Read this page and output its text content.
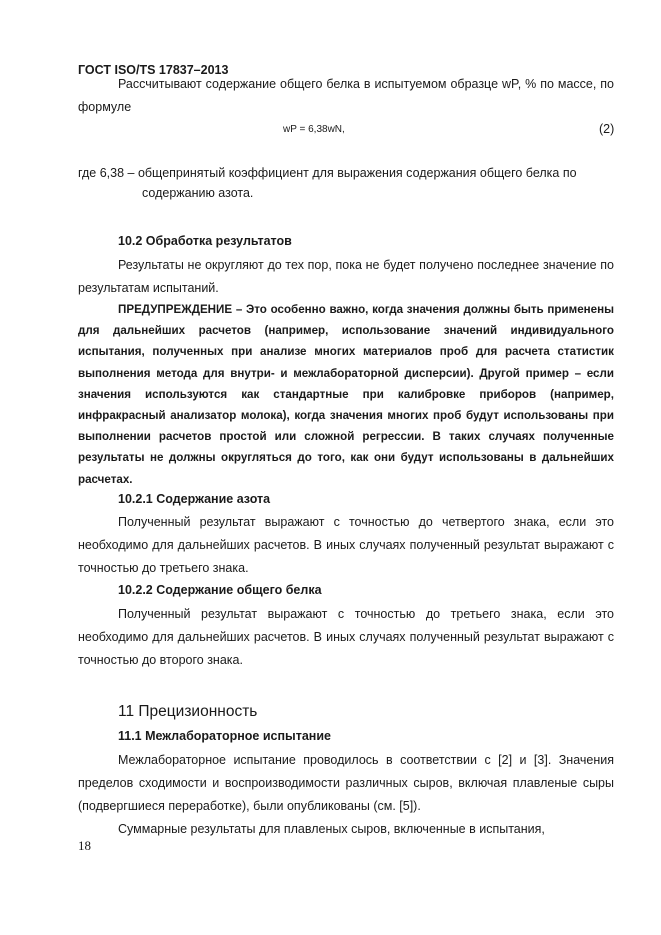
ГОСТ ISO/TS 17837–2013

Рассчитывают содержание общего белка в испытуемом образце wP, % по массе, по формуле

wP = 6,38wN,	(2)

где 6,38 – общепринятый коэффициент для выражения содержания общего белка по

содержанию азота.
10.2 Обработка результатов

Результаты не округляют до тех пор, пока не будет получено последнее значение по результатам испытаний.

ПРЕДУПРЕЖДЕНИЕ – Это особенно важно, когда значения должны быть применены для дальнейших расчетов (например, использование значений индивидуального испытания, полученных при анализе многих материалов проб для расчета статистик выполнения метода для внутри- и межлабораторной дисперсии). Другой пример – если значения используются как стандартные при калибровке приборов (например, инфракрасный анализатор молока), когда значения многих проб будут использованы при выполнении расчетов простой или сложной регрессии. В таких случаях полученные результаты не должны округляться до того, как они будут использованы в дальнейших расчетах.

10.2.1 Содержание азота

Полученный результат выражают с точностью до четвертого знака, если это необходимо для дальнейших расчетов. В иных случаях полученный результат выражают с точностью до третьего знака.

10.2.2 Содержание общего белка

Полученный результат выражают с точностью до третьего знака, если это необходимо для дальнейших расчетов. В иных случаях полученный результат выражают с точностью до второго знака.

11 Прецизионность
11.1 Межлабораторное испытание

Межлабораторное испытание проводилось в соответствии с [2] и [3]. Значения пределов сходимости и воспроизводимости различных сыров, включая плавленые сыры (подвергшиеся переработке), были опубликованы (см. [5]).

Суммарные результаты для плавленых сыров, включенные в испытания,

18
